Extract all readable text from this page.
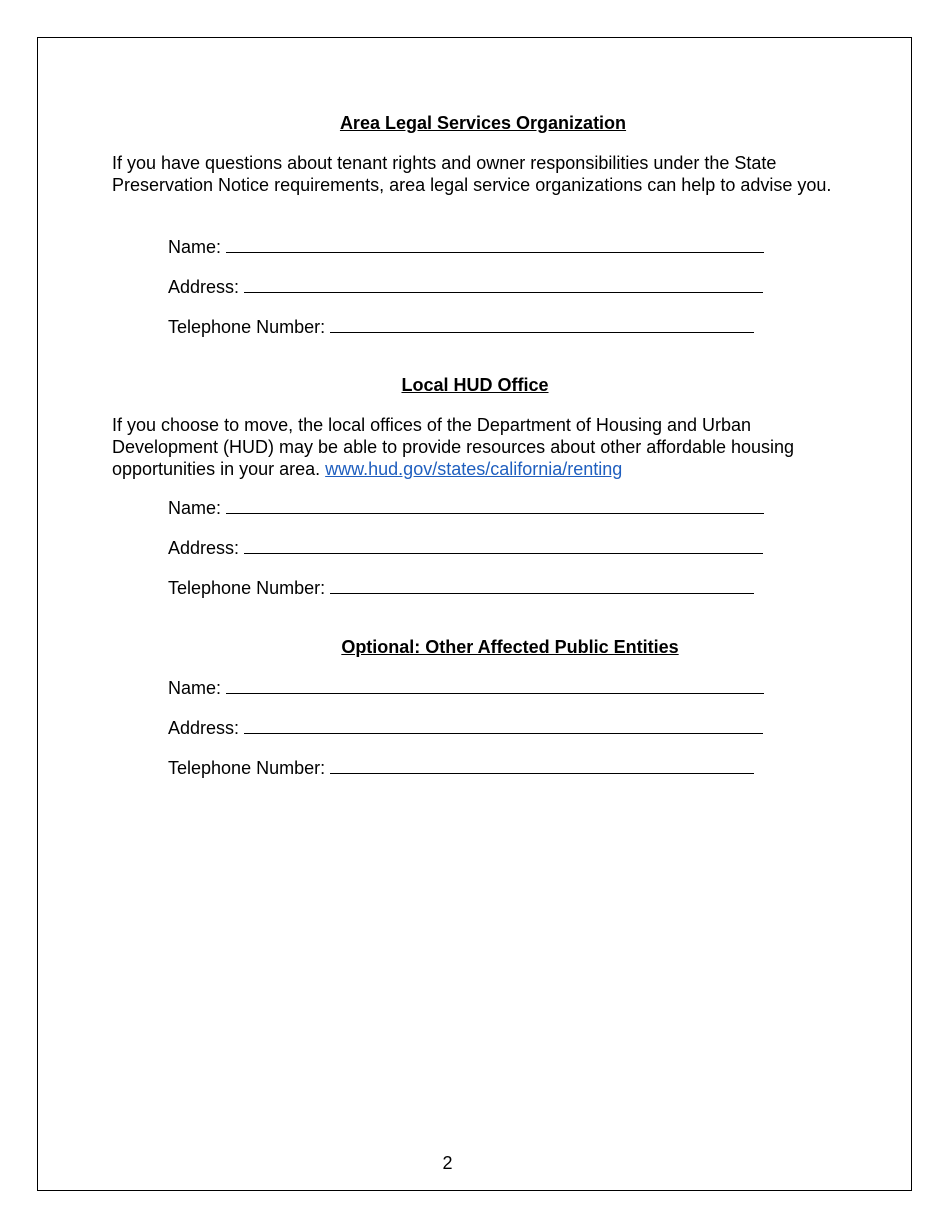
Area Legal Services Organization

If you have questions about tenant rights and owner responsibilities under the State Preservation Notice requirements, area legal service organizations can help to advise you.

Name:
Address:
Telephone Number:
Local HUD Office

If you choose to move, the local offices of the Department of Housing and Urban Development (HUD) may be able to provide resources about other affordable housing opportunities in your area. www.hud.gov/states/california/renting

Name:
Address:
Telephone Number:
Optional: Other Affected Public Entities
Name:
Address:
Telephone Number:
2
